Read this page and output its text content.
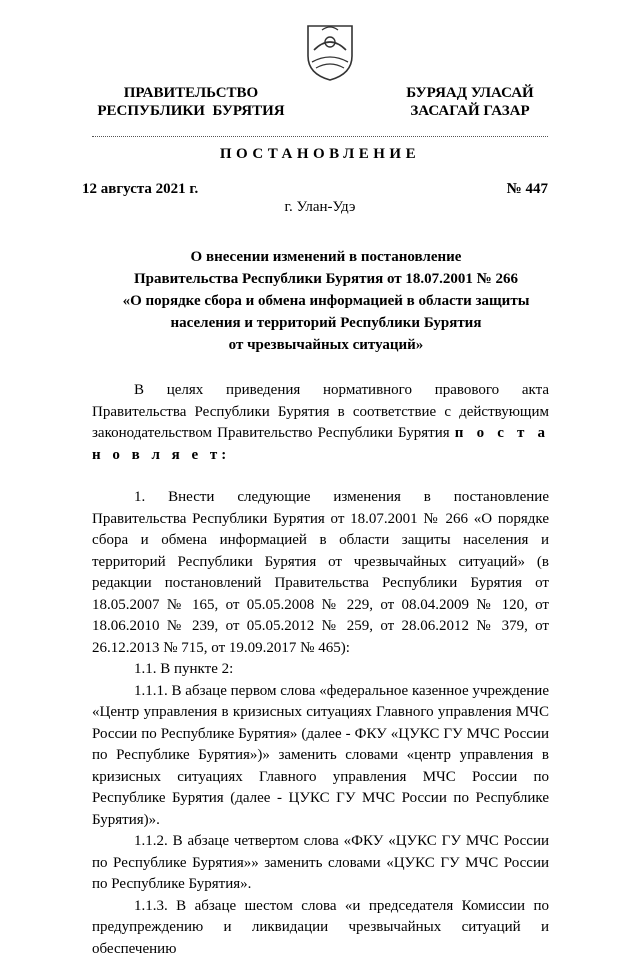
ПРАВИТЕЛЬСТВО
РЕСПУБЛИКИ  БУРЯТИЯ
БУРЯАД УЛАСАЙ
ЗАСАГАЙ ГАЗАР
ПОСТАНОВЛЕНИЕ
12 августа 2021 г.	№ 447
г. Улан-Удэ
О внесении изменений в постановление
Правительства Республики Бурятия от 18.07.2001 № 266
«О порядке сбора и обмена информацией в области защиты
населения и территорий Республики Бурятия
от чрезвычайных ситуаций»

В целях приведения нормативного правового акта Правительства Республики Бурятия в соответствие с действующим законодательством Правительство Республики Бурятия п о с т а н о в л я е т:

1. Внести следующие изменения в постановление Правительства Республики Бурятия от 18.07.2001 № 266 «О порядке сбора и обмена информацией в области защиты населения и территорий Республики Бурятия от чрезвычайных ситуаций» (в редакции постановлений Правительства Республики Бурятия от 18.05.2007 № 165, от 05.05.2008 № 229, от 08.04.2009 № 120, от 18.06.2010 № 239, от 05.05.2012 № 259, от 28.06.2012 № 379, от 26.12.2013 № 715, от 19.09.2017 № 465):

1.1. В пункте 2:

1.1.1. В абзаце первом слова «федеральное казенное учреждение «Центр управления в кризисных ситуациях Главного управления МЧС России по Республике Бурятия» (далее - ФКУ «ЦУКС ГУ МЧС России по Республике Бурятия»)» заменить словами «центр управления в кризисных ситуациях Главного управления МЧС России по Республике Бурятия (далее - ЦУКС ГУ МЧС России по Республике Бурятия)».

1.1.2. В абзаце четвертом слова «ФКУ «ЦУКС ГУ МЧС России по Республике Бурятия»» заменить словами «ЦУКС ГУ МЧС России по Республике Бурятия».

1.1.3. В абзаце шестом слова «и председателя Комиссии по предупреждению и ликвидации чрезвычайных ситуаций и обеспечению
